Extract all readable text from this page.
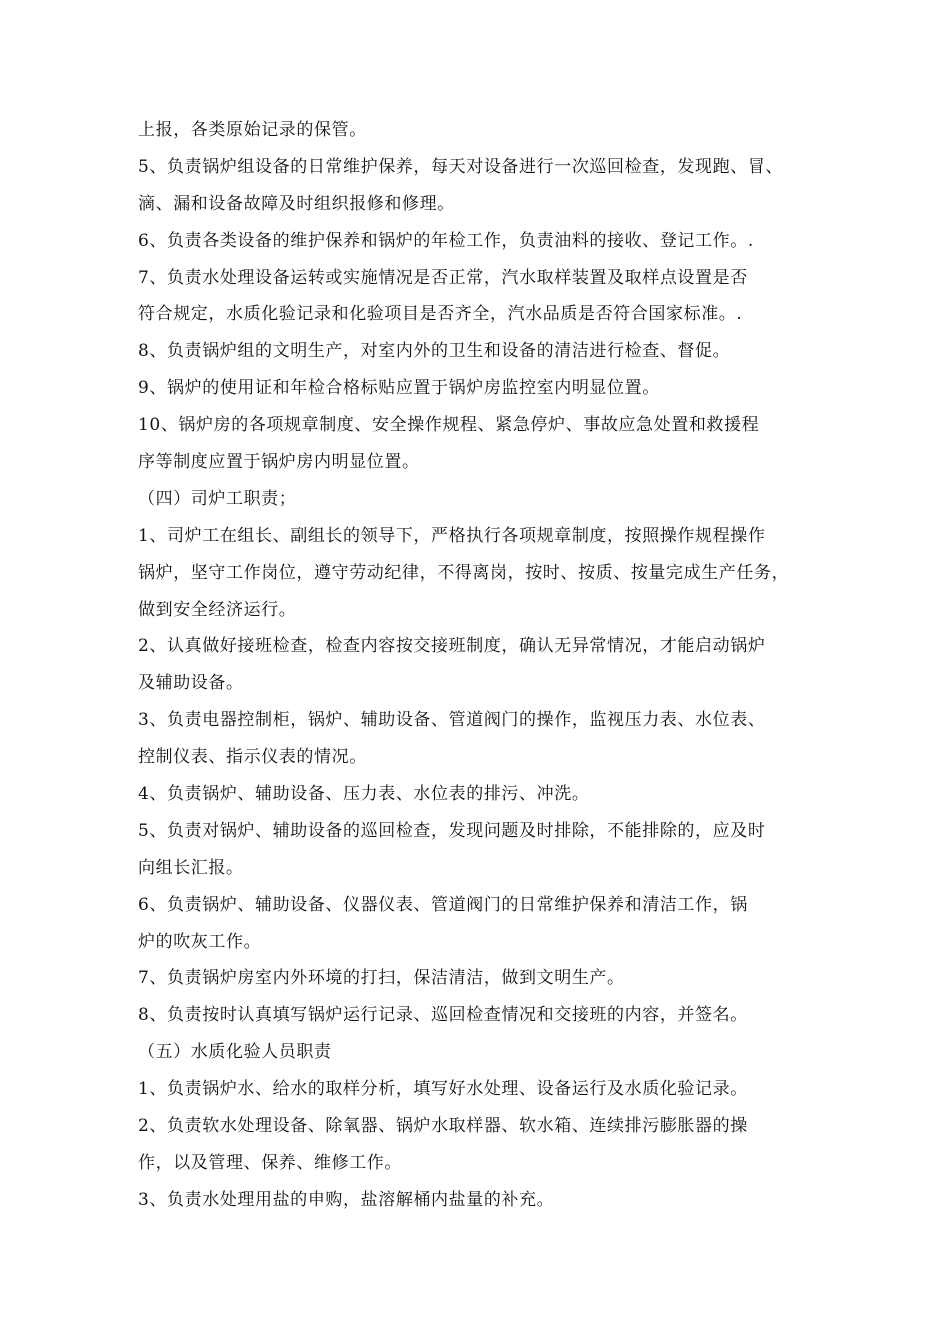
上报，各类原始记录的保管。
5、负责锅炉组设备的日常维护保养，每天对设备进行一次巡回检查，发现跑、冒、
滴、漏和设备故障及时组织报修和修理。
6、负责各类设备的维护保养和锅炉的年检工作，负责油料的接收、登记工作。.
7、负责水处理设备运转或实施情况是否正常，汽水取样装置及取样点设置是否
符合规定，水质化验记录和化验项目是否齐全，汽水品质是否符合国家标准。.
8、负责锅炉组的文明生产，对室内外的卫生和设备的清洁进行检查、督促。
9、锅炉的使用证和年检合格标贴应置于锅炉房监控室内明显位置。
10、锅炉房的各项规章制度、安全操作规程、紧急停炉、事故应急处置和救援程
序等制度应置于锅炉房内明显位置。
（四）司炉工职责；
1、司炉工在组长、副组长的领导下，严格执行各项规章制度，按照操作规程操作
锅炉，坚守工作岗位，遵守劳动纪律，不得离岗，按时、按质、按量完成生产任务，
做到安全经济运行。
2、认真做好接班检查，检查内容按交接班制度，确认无异常情况，才能启动锅炉
及辅助设备。
3、负责电器控制柜，锅炉、辅助设备、管道阀门的操作，监视压力表、水位表、
控制仪表、指示仪表的情况。
4、负责锅炉、辅助设备、压力表、水位表的排污、冲洗。
5、负责对锅炉、辅助设备的巡回检查，发现问题及时排除，不能排除的，应及时
向组长汇报。
6、负责锅炉、辅助设备、仪器仪表、管道阀门的日常维护保养和清洁工作，锅
炉的吹灰工作。
7、负责锅炉房室内外环境的打扫，保洁清洁，做到文明生产。
8、负责按时认真填写锅炉运行记录、巡回检查情况和交接班的内容，并签名。
（五）水质化验人员职责
1、负责锅炉水、给水的取样分析，填写好水处理、设备运行及水质化验记录。
2、负责软水处理设备、除氧器、锅炉水取样器、软水箱、连续排污膨胀器的操
作，以及管理、保养、维修工作。
3、负责水处理用盐的申购，盐溶解桶内盐量的补充。
